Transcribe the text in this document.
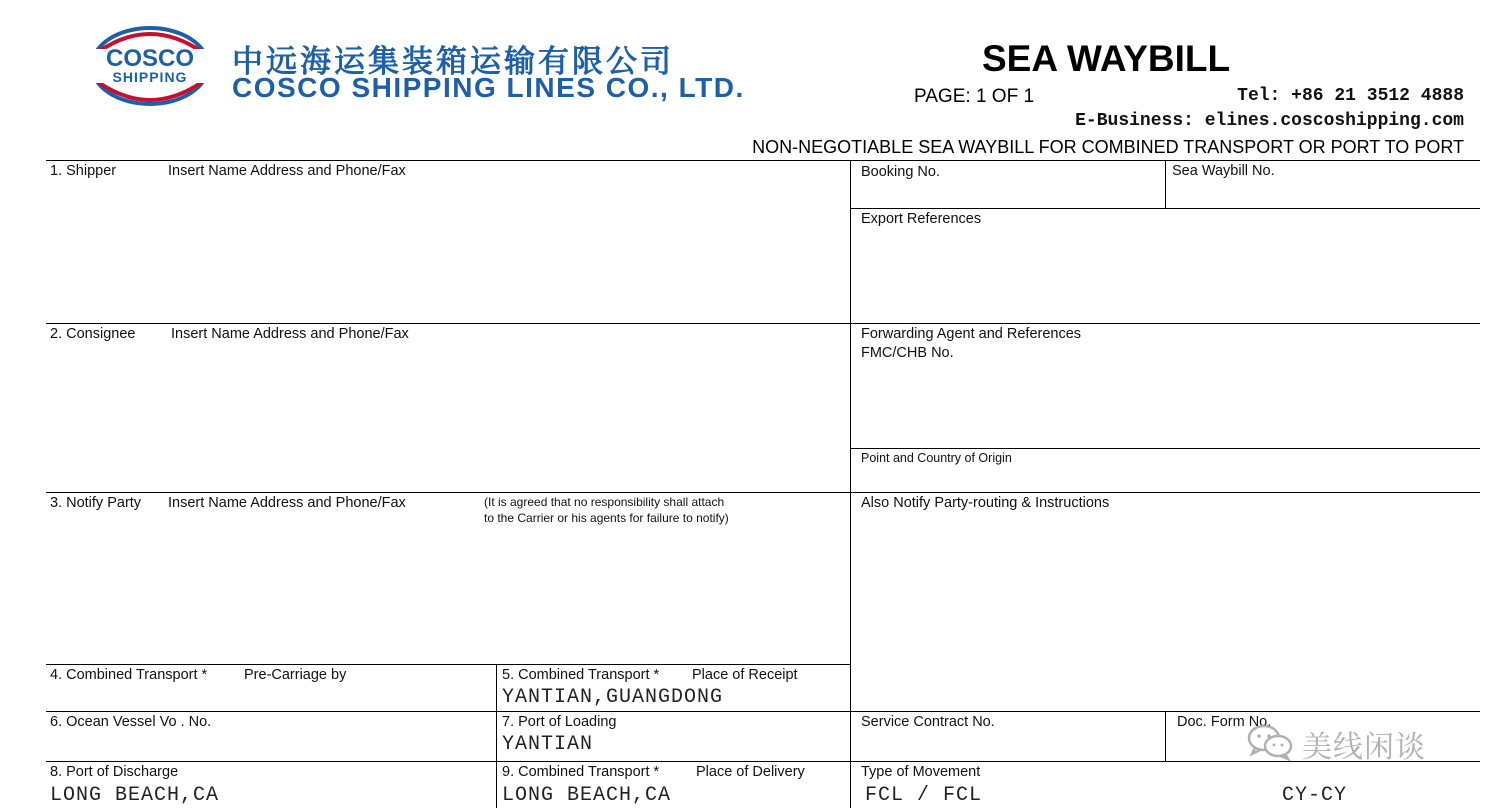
COSCO
SHIPPING 中远海运集装箱运输有限公司
COSCO SHIPPING LINES CO., LTD.
SEA WAYBILL
PAGE: 1 OF 1	Tel: +86 21 3512 4888
E-Business: elines.coscoshipping.com
NON-NEGOTIABLE SEA WAYBILL FOR COMBINED TRANSPORT OR PORT TO PORT
1. Shipper	Insert Name Address and Phone/Fax	Booking No.	Sea Waybill No.
Export References
2. Consignee Insert Name Address and Phone/Fax	Forwarding Agent and References
FMC/CHB No.
Point and Country of Origin
3. Notify Party Insert Name Address and Phone/Fax	(It is agreed that no responsibility shall attach
to the Carrier or his agents for failure to notify)
Also Notify Party-routing & Instructions
4. Combined Transport *	Pre-Carriage by	5. Combined Transport * Place of Receipt
YANTIAN,GUANGDONG
6. Ocean Vessel Vo . No.	7. Port of Loading
YANTIAN
Service Contract No.	Doc. Form No.
8. Port of Discharge
LONG BEACH,CA
9. Combined Transport *	Place of Delivery
LONG BEACH,CA
Type of Movement
FCL / FCL	CY-CY
美线闲谈
